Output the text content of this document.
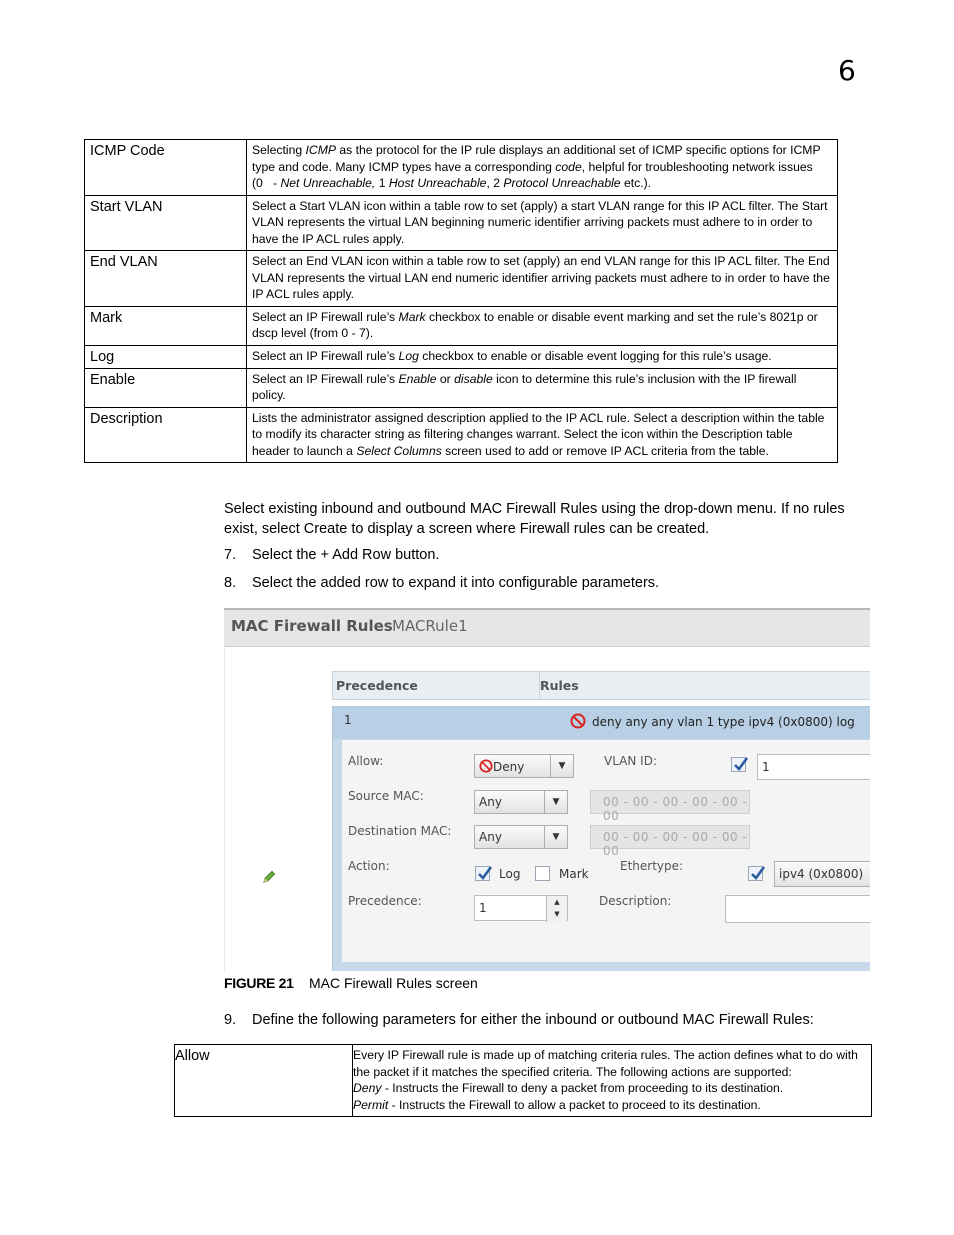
6
ICMP Code	Selecting ICMP as the protocol for the IP rule displays an additional set of ICMP specific options for ICMP type and code. Many ICMP types have a corresponding code, helpful for troubleshooting network issues (0   - Net Unreachable, 1 Host Unreachable, 2 Protocol Unreachable etc.).
Start VLAN	Select a Start VLAN icon within a table row to set (apply) a start VLAN range for this IP ACL filter. The Start VLAN represents the virtual LAN beginning numeric identifier arriving packets must adhere to in order to have the IP ACL rules apply.
End VLAN	Select an End VLAN icon within a table row to set (apply) an end VLAN range for this IP ACL filter. The End VLAN represents the virtual LAN end numeric identifier arriving packets must adhere to in order to have the IP ACL rules apply.
Mark	Select an IP Firewall rule’s Mark checkbox to enable or disable event marking and set the rule’s 8021p or dscp level (from 0 - 7).
Log	Select an IP Firewall rule’s Log checkbox to enable or disable event logging for this rule’s usage.
Enable	Select an IP Firewall rule’s Enable or disable icon to determine this rule’s inclusion with the IP firewall policy.
Description	Lists the administrator assigned description applied to the IP ACL rule. Select a description within the table to modify its character string as filtering changes warrant. Select the icon within the Description table header to launch a Select Columns screen used to add or remove IP ACL criteria from the table.
Select existing inbound and outbound MAC Firewall Rules using the drop-down menu. If no rules exist, select Create to display a screen where Firewall rules can be created.
7. Select the + Add Row button.
8. Select the added row to expand it into configurable parameters.
MAC Firewall Rules MACRule1
Precedence	Rules
1	deny any any vlan 1 type ipv4 (0x0800) log
Allow:	Deny	▼	VLAN ID:	1
Source MAC:	Any	▼	00 - 00 - 00 - 00 - 00 - 00
Destination MAC: Any	▼	00 - 00 - 00 - 00 - 00 - 00
Action:
Log	Mark
Ethertype:
ipv4 (0x0800)
Precedence:	1	▲
▼
Description:
FIGURE 21 MAC Firewall Rules screen
9. Define the following parameters for either the inbound or outbound MAC Firewall Rules:
Allow	Every IP Firewall rule is made up of matching criteria rules. The action defines what to do with the packet if it matches the specified criteria. The following actions are supported:
Deny - Instructs the Firewall to deny a packet from proceeding to its destination.
Permit - Instructs the Firewall to allow a packet to proceed to its destination.
